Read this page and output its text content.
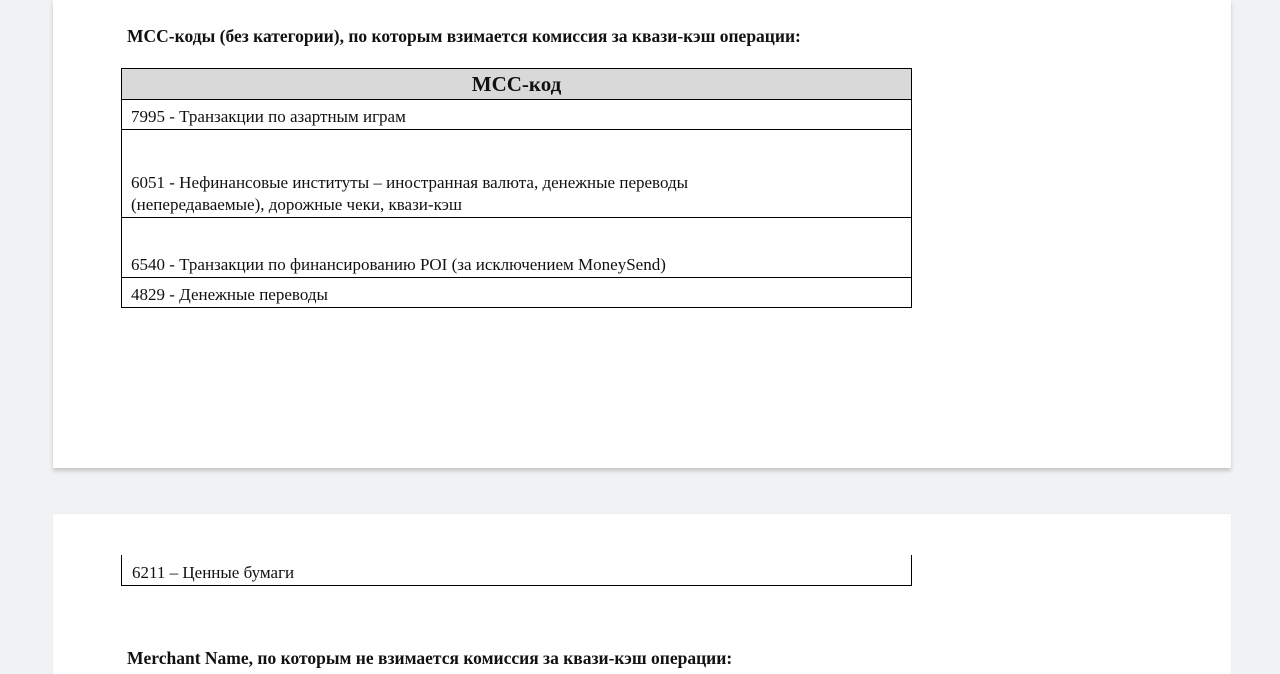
МСС-коды (без категории), по которым взимается комиссия за квази-кэш операции:
МСС-код
7995 - Транзакции по азартным играм

6051 - Нефинансовые институты – иностранная валюта, денежные переводы
(непередаваемые), дорожные чеки, квази-кэш

6540 - Транзакции по финансированию POI (за исключением MoneySend)
4829 - Денежные переводы
6211 – Ценные бумаги
Merchant Name, по которым не взимается комиссия за квази-кэш операции:
